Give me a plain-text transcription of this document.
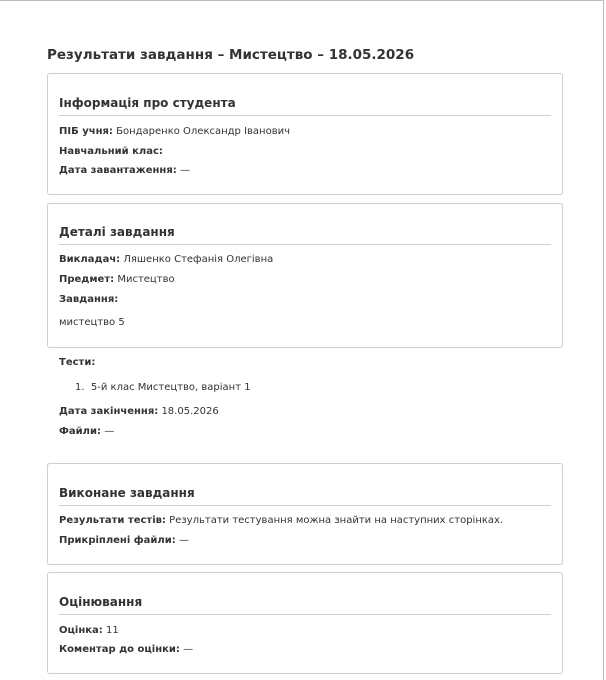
Результати завдання – Мистецтво – 18.05.2026
Інформація про студента
ПІБ учня: Бондаренко Олександр Іванович
Навчальний клас:
Дата завантаження: —
Деталі завдання
Викладач: Ляшенко Стефанія Олегівна
Предмет: Мистецтво
Завдання:
мистецтво 5
Тести:
1.  5-й клас Мистецтво, варіант 1
Дата закінчення: 18.05.2026
Файли: —
Виконане завдання
Результати тестів: Результати тестування можна знайти на наступних сторінках.
Прикріплені файли: —
Оцінювання
Оцінка: 11
Коментар до оцінки: —
